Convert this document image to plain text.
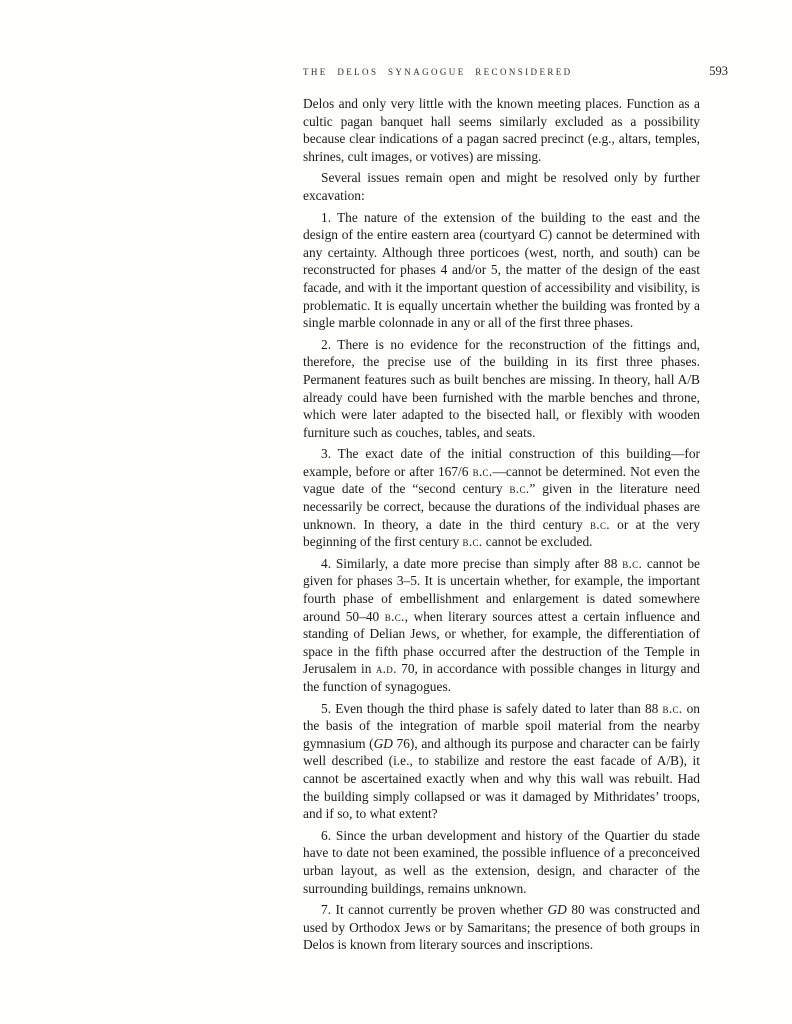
THE DELOS SYNAGOGUE RECONSIDERED	593

Delos and only very little with the known meeting places. Function as a cultic pagan banquet hall seems similarly excluded as a possibility because clear indications of a pagan sacred precinct (e.g., altars, temples, shrines, cult images, or votives) are missing.

Several issues remain open and might be resolved only by further excavation:

1. The nature of the extension of the building to the east and the design of the entire eastern area (courtyard C) cannot be determined with any certainty. Although three porticoes (west, north, and south) can be reconstructed for phases 4 and/or 5, the matter of the design of the east facade, and with it the important question of accessibility and visibility, is problematic. It is equally uncertain whether the building was fronted by a single marble colonnade in any or all of the first three phases.

2. There is no evidence for the reconstruction of the fittings and, therefore, the precise use of the building in its first three phases. Permanent features such as built benches are missing. In theory, hall A/B already could have been furnished with the marble benches and throne, which were later adapted to the bisected hall, or flexibly with wooden furniture such as couches, tables, and seats.

3. The exact date of the initial construction of this building—for example, before or after 167/6 b.c.—cannot be determined. Not even the vague date of the “second century b.c.” given in the literature need necessarily be correct, because the durations of the individual phases are unknown. In theory, a date in the third century b.c. or at the very beginning of the first century b.c. cannot be excluded.

4. Similarly, a date more precise than simply after 88 b.c. cannot be given for phases 3–5. It is uncertain whether, for example, the important fourth phase of embellishment and enlargement is dated somewhere around 50–40 b.c., when literary sources attest a certain influence and standing of Delian Jews, or whether, for example, the differentiation of space in the fifth phase occurred after the destruction of the Temple in Jerusalem in a.d. 70, in accordance with possible changes in liturgy and the function of synagogues.

5. Even though the third phase is safely dated to later than 88 b.c. on the basis of the integration of marble spoil material from the nearby gymnasium (GD 76), and although its purpose and character can be fairly well described (i.e., to stabilize and restore the east facade of A/B), it cannot be ascertained exactly when and why this wall was rebuilt. Had the building simply collapsed or was it damaged by Mithridates’ troops, and if so, to what extent?

6. Since the urban development and history of the Quartier du stade have to date not been examined, the possible influence of a preconceived urban layout, as well as the extension, design, and character of the surrounding buildings, remains unknown.

7. It cannot currently be proven whether GD 80 was constructed and used by Orthodox Jews or by Samaritans; the presence of both groups in Delos is known from literary sources and inscriptions.
